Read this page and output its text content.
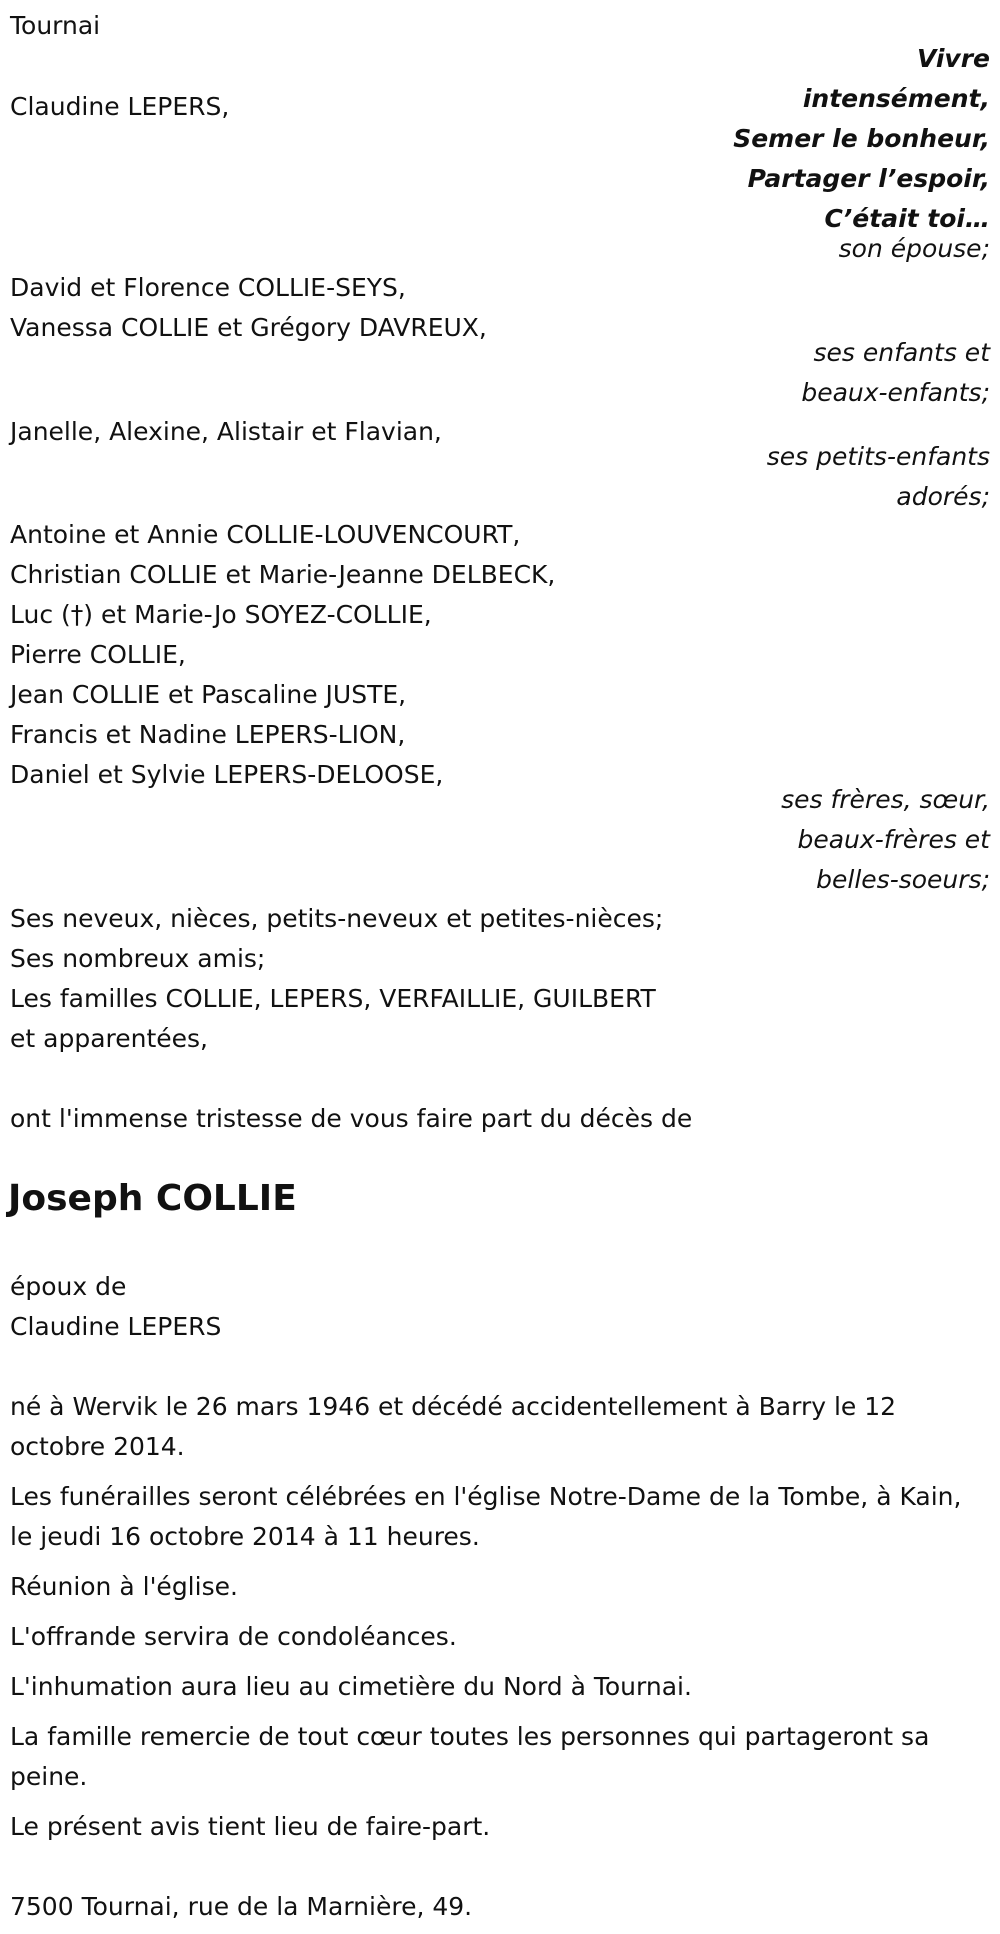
Tournai
Vivre
intensément,
Semer le bonheur,
Partager l’espoir,
C’était toi…
Claudine LEPERS,
son épouse;
David et Florence COLLIE-SEYS,
Vanessa COLLIE et Grégory DAVREUX,
ses enfants et
beaux-enfants;
Janelle, Alexine, Alistair et Flavian,
ses petits-enfants
adorés;
Antoine et Annie COLLIE-LOUVENCOURT,
Christian COLLIE et Marie-Jeanne DELBECK,
Luc (†) et Marie-Jo SOYEZ-COLLIE,
Pierre COLLIE,
Jean COLLIE et Pascaline JUSTE,
Francis et Nadine LEPERS-LION,
Daniel et Sylvie LEPERS-DELOOSE,
ses frères, sœur,
beaux-frères et
belles-soeurs;
Ses neveux, nièces, petits-neveux et petites-nièces;
Ses nombreux amis;
Les familles COLLIE, LEPERS, VERFAILLIE, GUILBERT
et apparentées,
ont l'immense tristesse de vous faire part du décès de
Joseph COLLIE
époux de
Claudine LEPERS
né à Wervik le 26 mars 1946 et décédé accidentellement à Barry le 12 octobre 2014.
Les funérailles seront célébrées en l'église Notre-Dame de la Tombe, à Kain, le jeudi 16 octobre 2014 à 11 heures.
Réunion à l'église.
L'offrande servira de condoléances.
L'inhumation aura lieu au cimetière du Nord à Tournai.
La famille remercie de tout cœur toutes les personnes qui partageront sa peine.
Le présent avis tient lieu de faire-part.
7500 Tournai, rue de la Marnière, 49.
